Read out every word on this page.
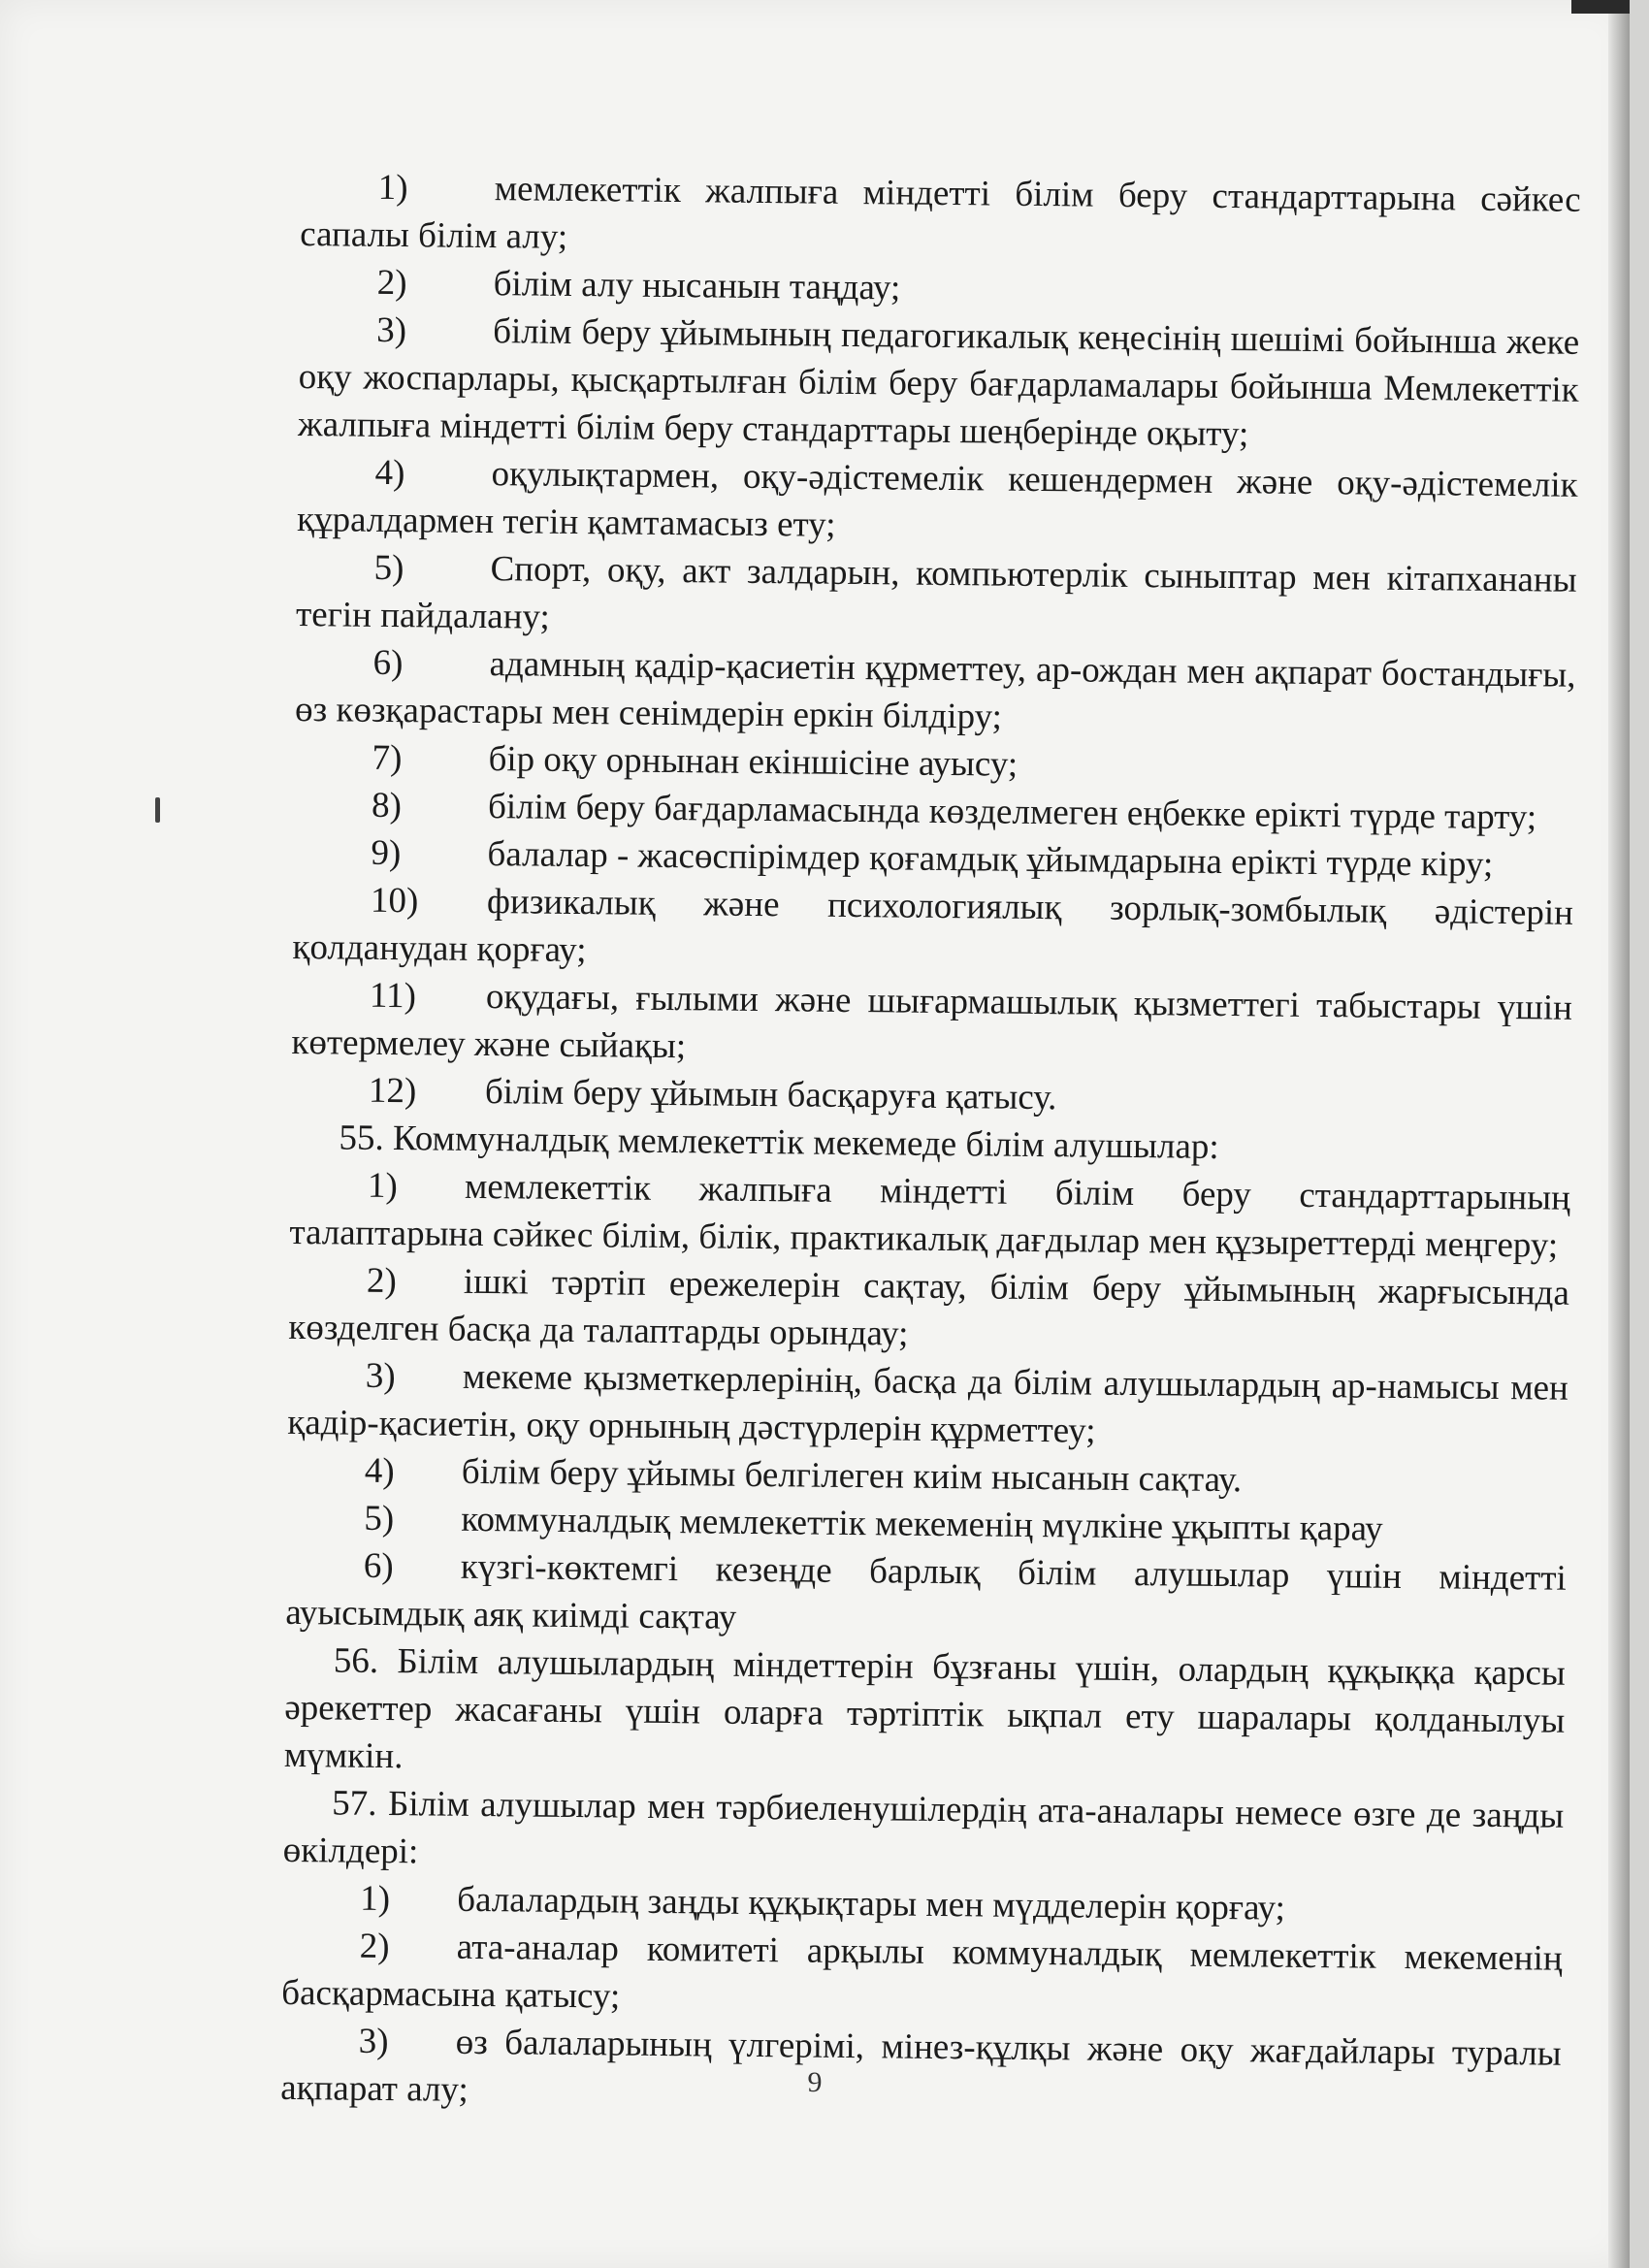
1) мемлекеттік жалпыға міндетті білім беру стандарттарына сәйкес сапалы білім алу;

2) білім алу нысанын таңдау;

3) білім беру ұйымының педагогикалық кеңесінің шешімі бойынша жеке оқу жоспарлары, қысқартылған білім беру бағдарламалары бойынша Мемлекеттік жалпыға міндетті білім беру стандарттары шеңберінде оқыту;

4) оқулықтармен, оқу-әдістемелік кешендермен және оқу-әдістемелік құралдармен тегін қамтамасыз ету;

5) Спорт, оқу, акт залдарын, компьютерлік сыныптар мен кітапхананы тегін пайдалану;

6) адамның қадір-қасиетін құрметтеу, ар-ождан мен ақпарат бостандығы, өз көзқарастары мен сенімдерін еркін білдіру;

7) бір оқу орнынан екіншісіне ауысу;

8) білім беру бағдарламасында көзделмеген еңбекке ерікті түрде тарту;

9) балалар - жасөспірімдер қоғамдық ұйымдарына ерікті түрде кіру;

10) физикалық және психологиялық зорлық-зомбылық әдістерін қолданудан қорғау;

11) оқудағы, ғылыми және шығармашылық қызметтегі табыстары үшін көтермелеу және сыйақы;

12) білім беру ұйымын басқаруға қатысу.

55. Коммуналдық мемлекеттік мекемеде білім алушылар:

1) мемлекеттік жалпыға міндетті білім беру стандарттарының талаптарына сәйкес білім, білік, практикалық дағдылар мен құзыреттерді меңгеру;

2) ішкі тәртіп ережелерін сақтау, білім беру ұйымының жарғысында көзделген басқа да талаптарды орындау;

3) мекеме қызметкерлерінің, басқа да білім алушылардың ар-намысы мен қадір-қасиетін, оқу орнының дәстүрлерін құрметтеу;

4) білім беру ұйымы белгілеген киім нысанын сақтау.

5) коммуналдық мемлекеттік мекеменің мүлкіне ұқыпты қарау

6) күзгі-көктемгі кезеңде барлық білім алушылар үшін міндетті ауысымдық аяқ киімді сақтау

56. Білім алушылардың міндеттерін бұзғаны үшін, олардың құқыққа қарсы әрекеттер жасағаны үшін оларға тәртіптік ықпал ету шаралары қолданылуы мүмкін.

57. Білім алушылар мен тәрбиеленушілердің ата-аналары немесе өзге де заңды өкілдері:

1) балалардың заңды құқықтары мен мүдделерін қорғау;

2) ата-аналар комитеті арқылы коммуналдық мемлекеттік мекеменің басқармасына қатысу;

3) өз балаларының үлгерімі, мінез-құлқы және оқу жағдайлары туралы ақпарат алу;	9
